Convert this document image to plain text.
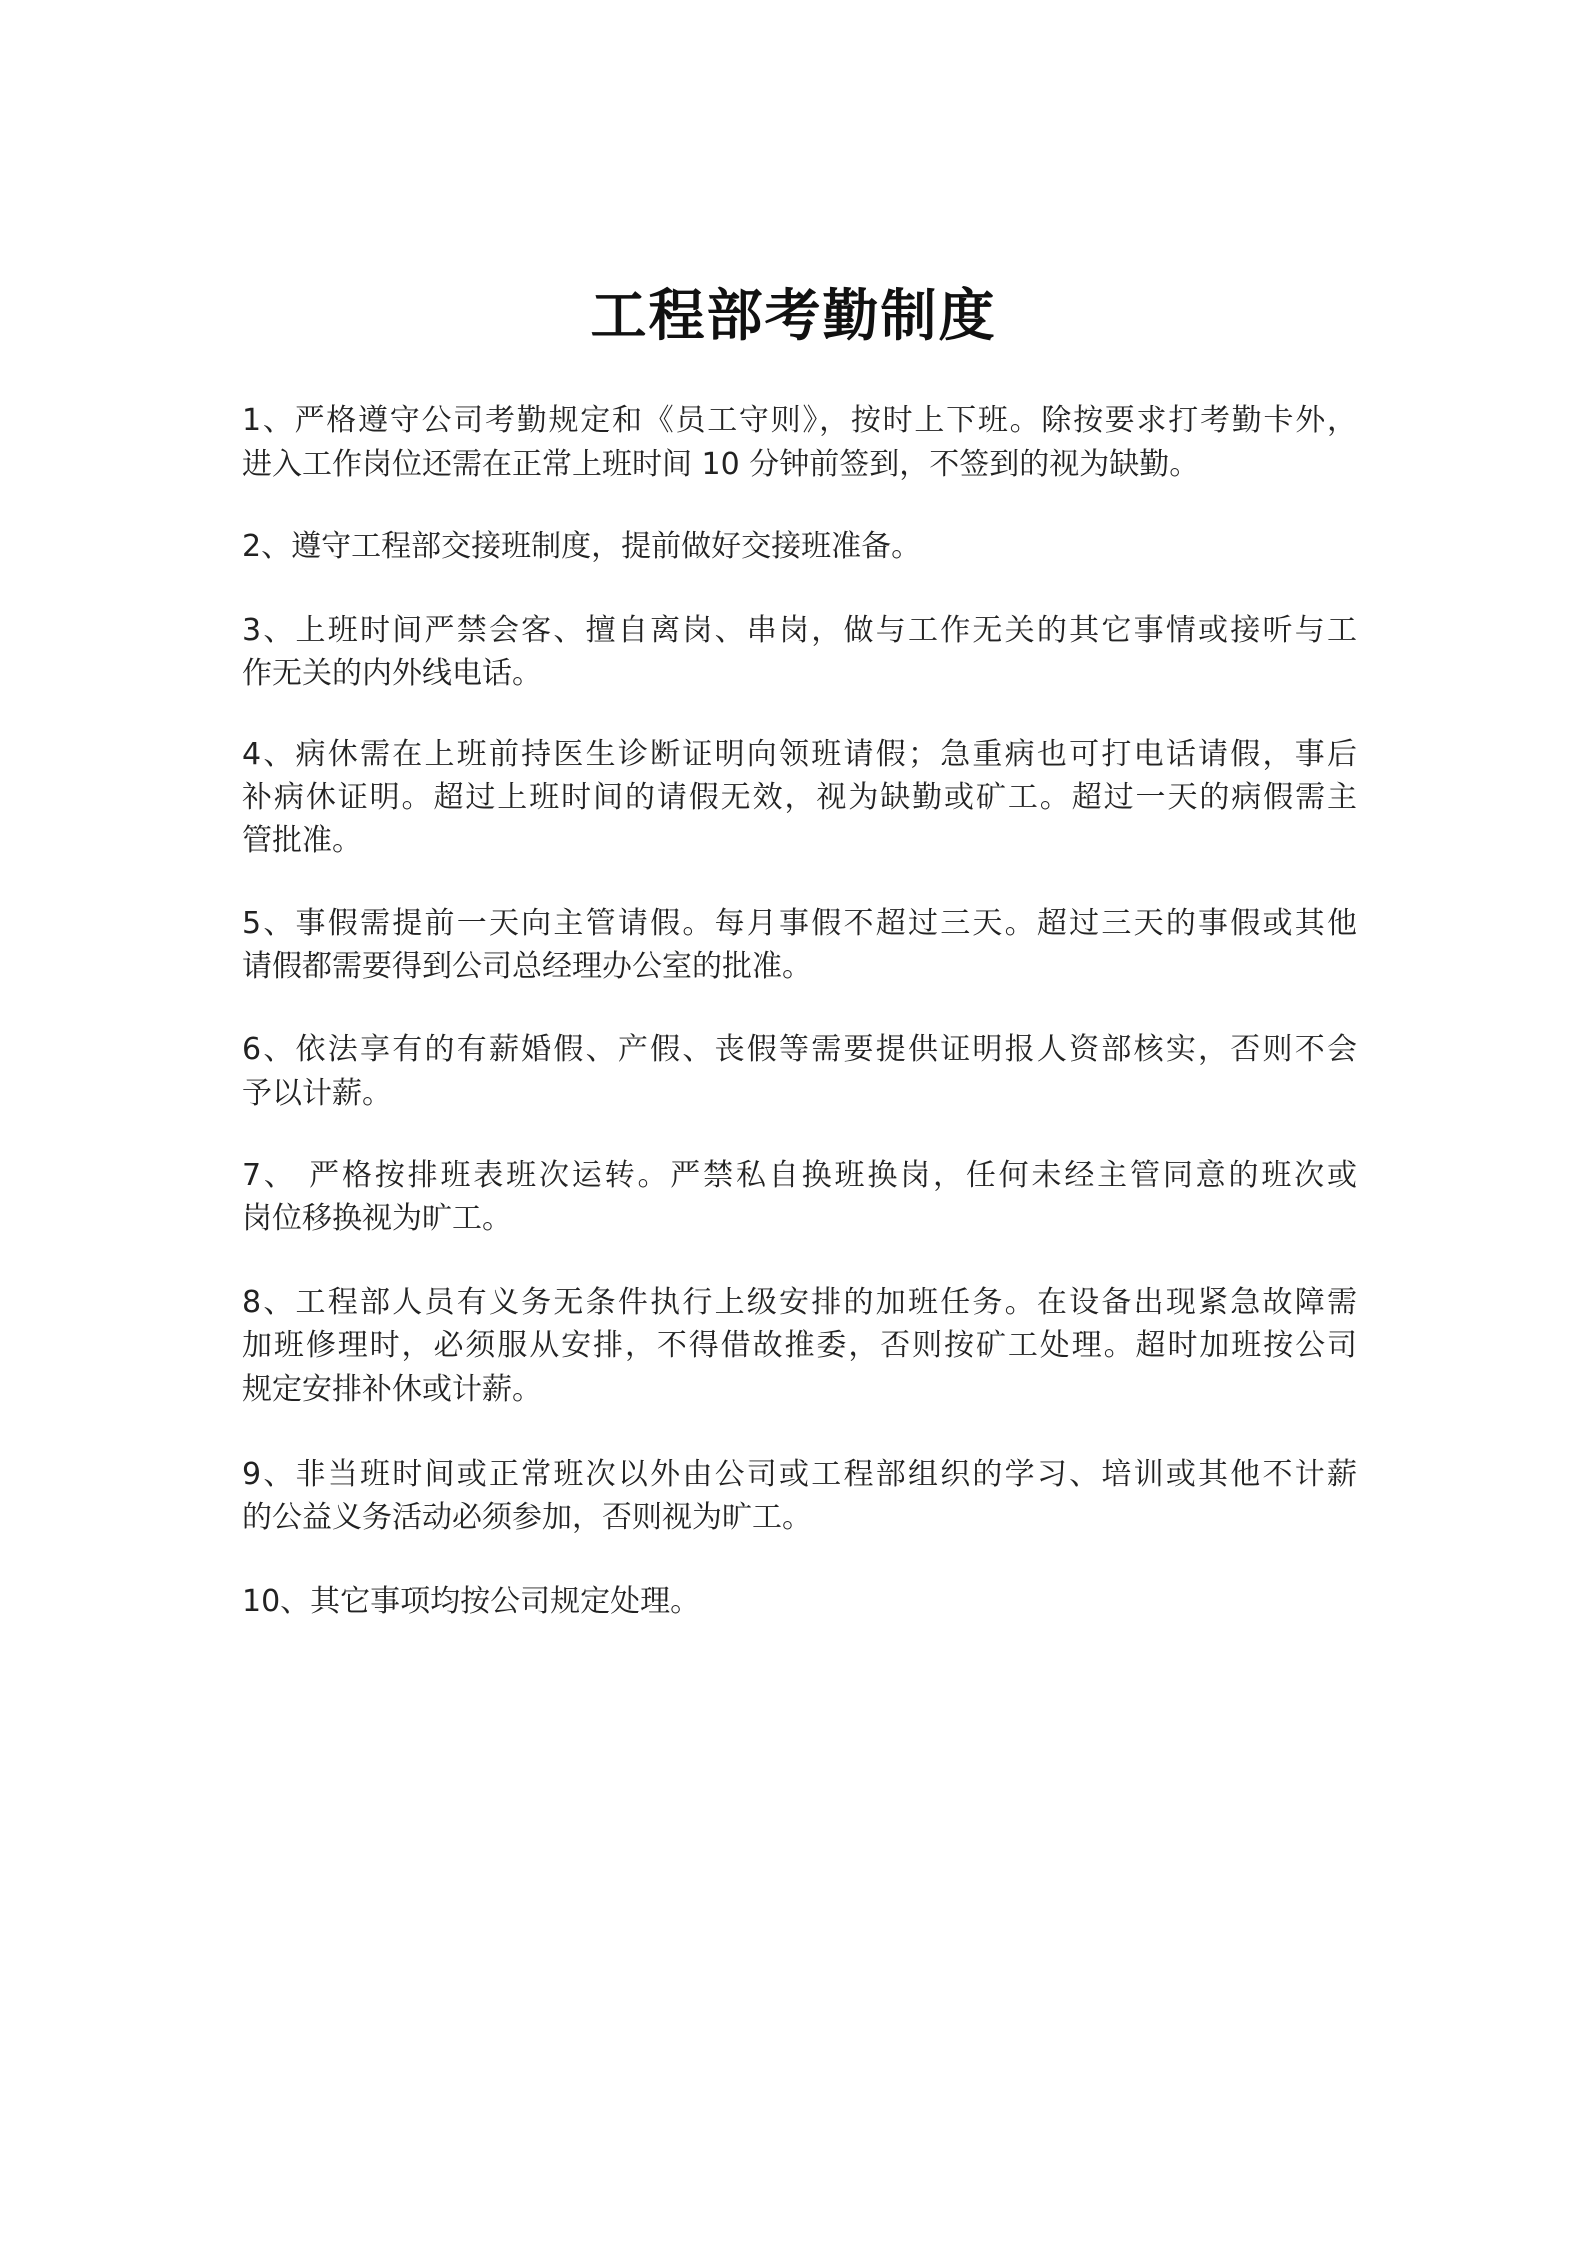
工程部考勤制度
1、严格遵守公司考勤规定和《员工守则》，按时上下班。除按要求打考勤卡外，
进入工作岗位还需在正常上班时间 10 分钟前签到，不签到的视为缺勤。
2、遵守工程部交接班制度，提前做好交接班准备。
3、上班时间严禁会客、擅自离岗、串岗，做与工作无关的其它事情或接听与工
作无关的内外线电话。
4、病休需在上班前持医生诊断证明向领班请假；急重病也可打电话请假，事后
补病休证明。超过上班时间的请假无效，视为缺勤或矿工。超过一天的病假需主
管批准。
5、事假需提前一天向主管请假。每月事假不超过三天。超过三天的事假或其他
请假都需要得到公司总经理办公室的批准。
6、依法享有的有薪婚假、产假、丧假等需要提供证明报人资部核实，否则不会
予以计薪。
7、 严格按排班表班次运转。严禁私自换班换岗，任何未经主管同意的班次或
岗位移换视为旷工。
8、工程部人员有义务无条件执行上级安排的加班任务。在设备出现紧急故障需
加班修理时，必须服从安排，不得借故推委，否则按矿工处理。超时加班按公司
规定安排补休或计薪。
9、非当班时间或正常班次以外由公司或工程部组织的学习、培训或其他不计薪
的公益义务活动必须参加，否则视为旷工。
10、其它事项均按公司规定处理。
